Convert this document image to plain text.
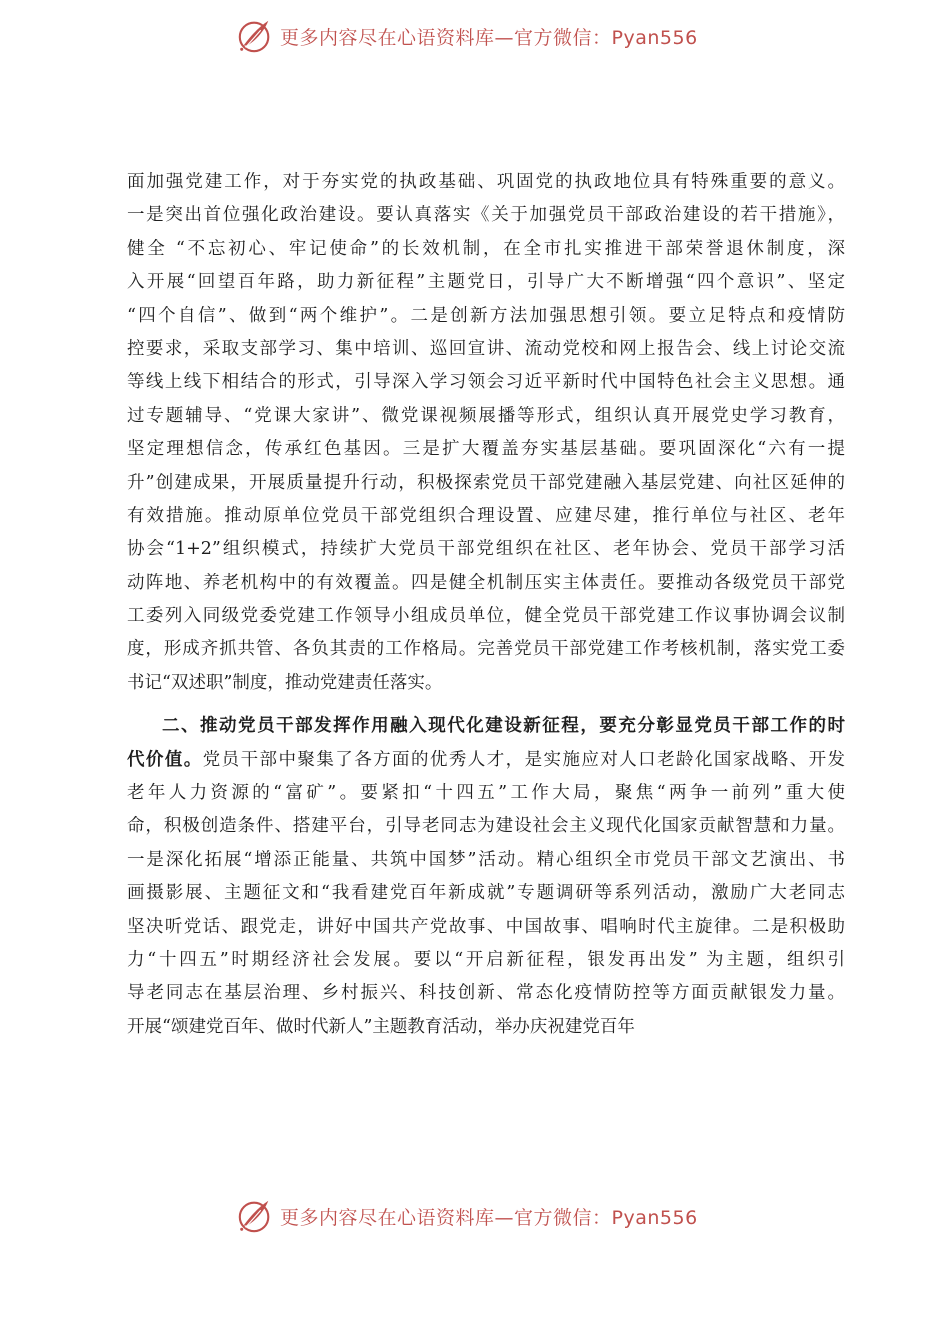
更多内容尽在心语资料库—官方微信：Pyan556
面加强党建工作，对于夯实党的执政基础、巩固党的执政地位具有特殊重要的意义。
一是突出首位强化政治建设。要认真落实《关于加强党员干部政治建设的若干措施》，
健全 “不忘初心、牢记使命”的长效机制，在全市扎实推进干部荣誉退休制度，深
入开展“回望百年路，助力新征程”主题党日，引导广大不断增强“四个意识”、坚定
“四个自信”、做到“两个维护”。二是创新方法加强思想引领。要立足特点和疫情防
控要求，采取支部学习、集中培训、巡回宣讲、流动党校和网上报告会、线上讨论交流
等线上线下相结合的形式，引导深入学习领会习近平新时代中国特色社会主义思想。通
过专题辅导、“党课大家讲”、微党课视频展播等形式，组织认真开展党史学习教育，
坚定理想信念，传承红色基因。三是扩大覆盖夯实基层基础。要巩固深化“六有一提
升”创建成果，开展质量提升行动，积极探索党员干部党建融入基层党建、向社区延伸的
有效措施。推动原单位党员干部党组织合理设置、应建尽建，推行单位与社区、老年
协会“1+2”组织模式，持续扩大党员干部党组织在社区、老年协会、党员干部学习活
动阵地、养老机构中的有效覆盖。四是健全机制压实主体责任。要推动各级党员干部党
工委列入同级党委党建工作领导小组成员单位，健全党员干部党建工作议事协调会议制
度，形成齐抓共管、各负其责的工作格局。完善党员干部党建工作考核机制，落实党工委
书记“双述职”制度，推动党建责任落实。
二、推动党员干部发挥作用融入现代化建设新征程，要充分彰显党员干部工作的时
代价值。党员干部中聚集了各方面的优秀人才，是实施应对人口老龄化国家战略、开发
老年人力资源的“富矿”。要紧扣“十四五”工作大局，聚焦“两争一前列”重大使
命，积极创造条件、搭建平台，引导老同志为建设社会主义现代化国家贡献智慧和力量。
一是深化拓展“增添正能量、共筑中国梦”活动。精心组织全市党员干部文艺演出、书
画摄影展、主题征文和“我看建党百年新成就”专题调研等系列活动，激励广大老同志
坚决听党话、跟党走，讲好中国共产党故事、中国故事、唱响时代主旋律。二是积极助
力“十四五”时期经济社会发展。要以“开启新征程，银发再出发” 为主题，组织引
导老同志在基层治理、乡村振兴、科技创新、常态化疫情防控等方面贡献银发力量。
开展“颂建党百年、做时代新人”主题教育活动，举办庆祝建党百年
更多内容尽在心语资料库—官方微信：Pyan556
